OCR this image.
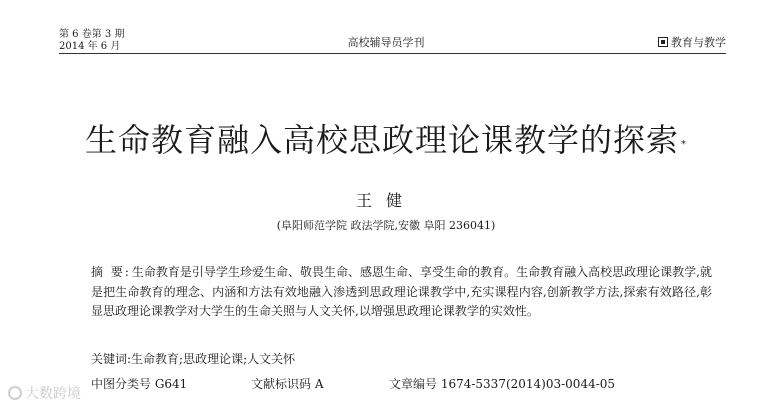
第 6 卷第 3 期
2014 年 6 月	高校辅导员学刊	教育与教学
生命教育融入高校思政理论课教学的探索 *
王健
(阜阳师范学院 政法学院,安徽 阜阳 236041)
摘 要:生命教育是引导学生珍爱生命、敬畏生命、感恩生命、享受生命的教育。生命教育融入高校思政理论课教学,就是把生命教育的理念、内涵和方法有效地融入渗透到思政理论课教学中,充实课程内容,创新教学方法,探索有效路径,彰显思政理论课教学对大学生的生命关照与人文关怀,以增强思政理论课教学的实效性。
关键词:生命教育;思政理论课;人文关怀
中图分类号 G641	文献标识码 A	文章编号 1674-5337(2014)03-0044-05
大数跨境
